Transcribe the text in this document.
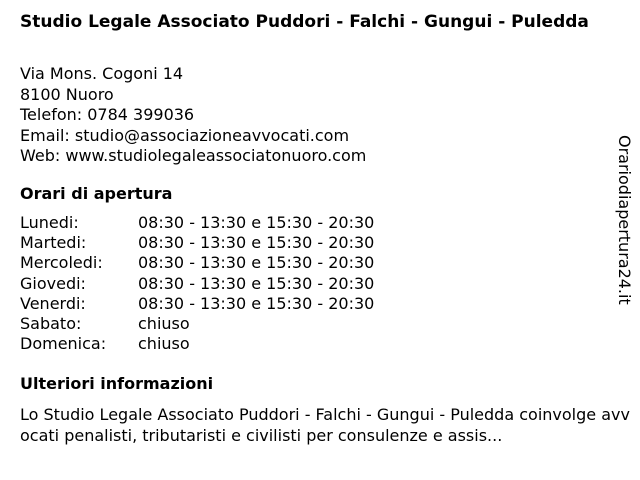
Studio Legale Associato Puddori - Falchi - Gungui - Puledda
Via Mons. Cogoni 14
8100 Nuoro
Telefon: 0784 399036
Email: studio@associazioneavvocati.com
Web: www.studiolegaleassociatonuoro.com
Orari di apertura
Lunedi:	08:30 - 13:30 e 15:30 - 20:30
Martedi:	08:30 - 13:30 e 15:30 - 20:30
Mercoledi: 08:30 - 13:30 e 15:30 - 20:30
Giovedi:	08:30 - 13:30 e 15:30 - 20:30
Venerdi:	08:30 - 13:30 e 15:30 - 20:30
Sabato:	chiuso
Domenica: chiuso
Ulteriori informazioni
Lo Studio Legale Associato Puddori - Falchi - Gungui - Puledda coinvolge avvocati penalisti, tributaristi e civilisti per consulenze e assis...
Orariodiapertura24.it
